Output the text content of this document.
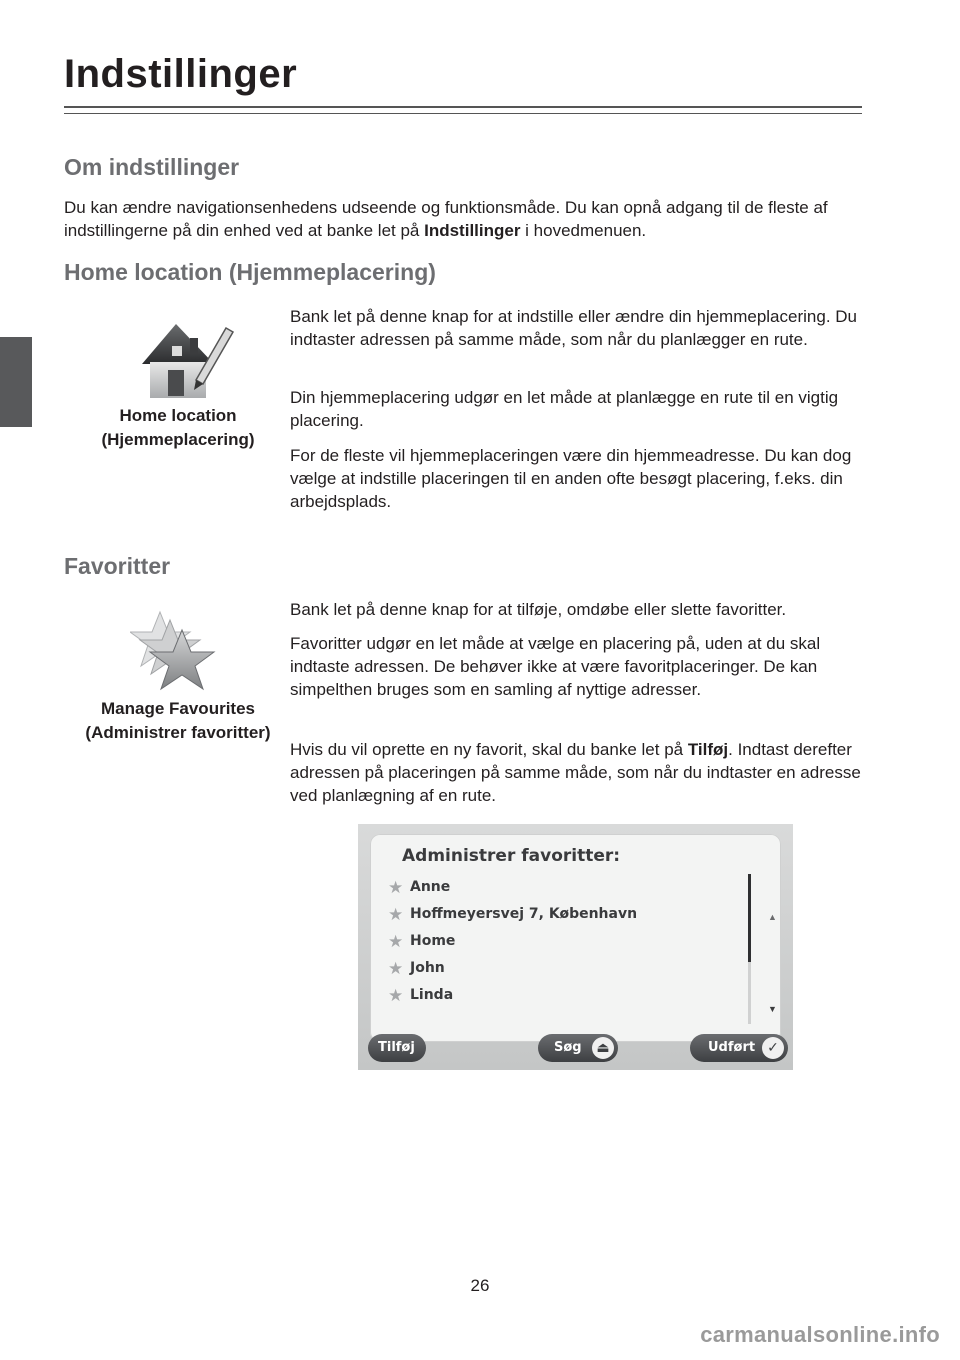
Indstillinger
Om indstillinger

Du kan ændre navigationsenhedens udseende og funktionsmåde. Du kan opnå adgang til de fleste af indstillingerne på din enhed ved at banke let på Indstillinger i hovedmenuen.

Home location (Hjemmeplacering)
Home location
(Hjemmeplacering)

Bank let på denne knap for at indstille eller ændre din hjemmeplacering. Du indtaster adressen på samme måde, som når du planlægger en rute.

Din hjemmeplacering udgør en let måde at planlægge en rute til en vigtig placering.

For de fleste vil hjemmeplaceringen være din hjemmeadresse. Du kan dog vælge at indstille placeringen til en anden ofte besøgt placering, f.eks. din arbejdsplads.

Favoritter
Manage Favourites
(Administrer favoritter)

Bank let på denne knap for at tilføje, omdøbe eller slette favoritter.

Favoritter udgør en let måde at vælge en placering på, uden at du skal indtaste adressen. De behøver ikke at være favoritplaceringer. De kan simpelthen bruges som en samling af nyttige adresser.

Hvis du vil oprette en ny favorit, skal du banke let på Tilføj. Indtast derefter adressen på placeringen på samme måde, som når du indtaster en adresse ved planlægning af en rute.

Administrer favoritter:
★ Anne
★ Hoffmeyersvej 7, København
★ Home
★ John
★ Linda
▲
▼
Tilføj	Søg	⏏	Udført ✓
26
carmanualsonline.info
